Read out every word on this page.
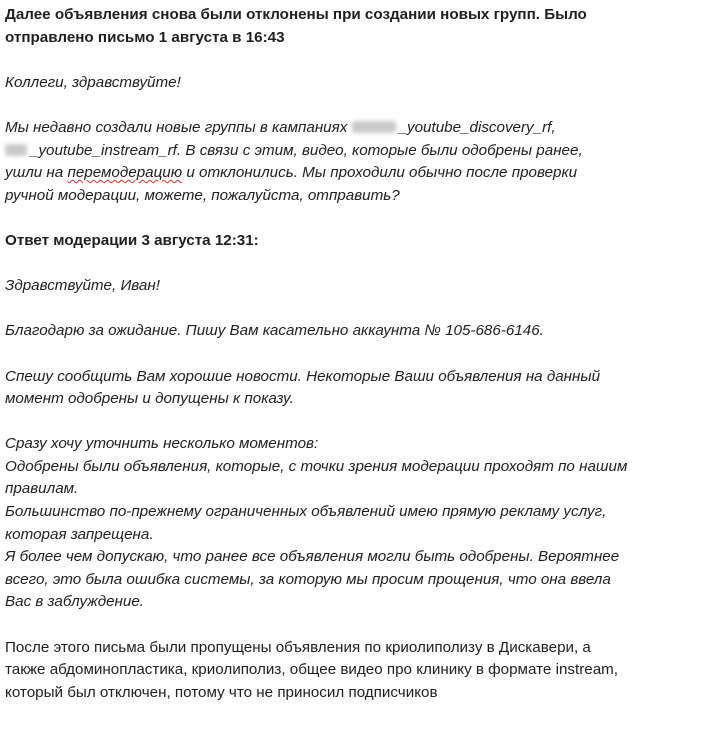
Далее объявления снова были отклонены при создании новых групп. Было

отправлено письмо 1 августа в 16:43

Коллеги, здравствуйте!

Мы недавно создали новые группы в кампаниях	_youtube_discovery_rf,

_youtube_instream_rf. В связи с этим, видео, которые были одобрены ранее,

ушли на перемодерацию и отклонились. Мы проходили обычно после проверки

ручной модерации, можете, пожалуйста, отправить?

Ответ модерации 3 августа 12:31:

Здравствуйте, Иван!

Благодарю за ожидание. Пишу Вам касательно аккаунта № 105-686-6146.

Спешу сообщить Вам хорошие новости. Некоторые Ваши объявления на данный

момент одобрены и допущены к показу.

Сразу хочу уточнить несколько моментов:

Одобрены были объявления, которые, с точки зрения модерации проходят по нашим

правилам.

Большинство по-прежнему ограниченных объявлений имею прямую рекламу услуг,

которая запрещена.

Я более чем допускаю, что ранее все объявления могли быть одобрены. Вероятнее

всего, это была ошибка системы, за которую мы просим прощения, что она ввела

Вас в заблуждение.

После этого письма были пропущены объявления по криолиполизу в Дискавери, а

также абдоминопластика, криолиполиз, общее видео про клинику в формате instream,

который был отключен, потому что не приносил подписчиков
